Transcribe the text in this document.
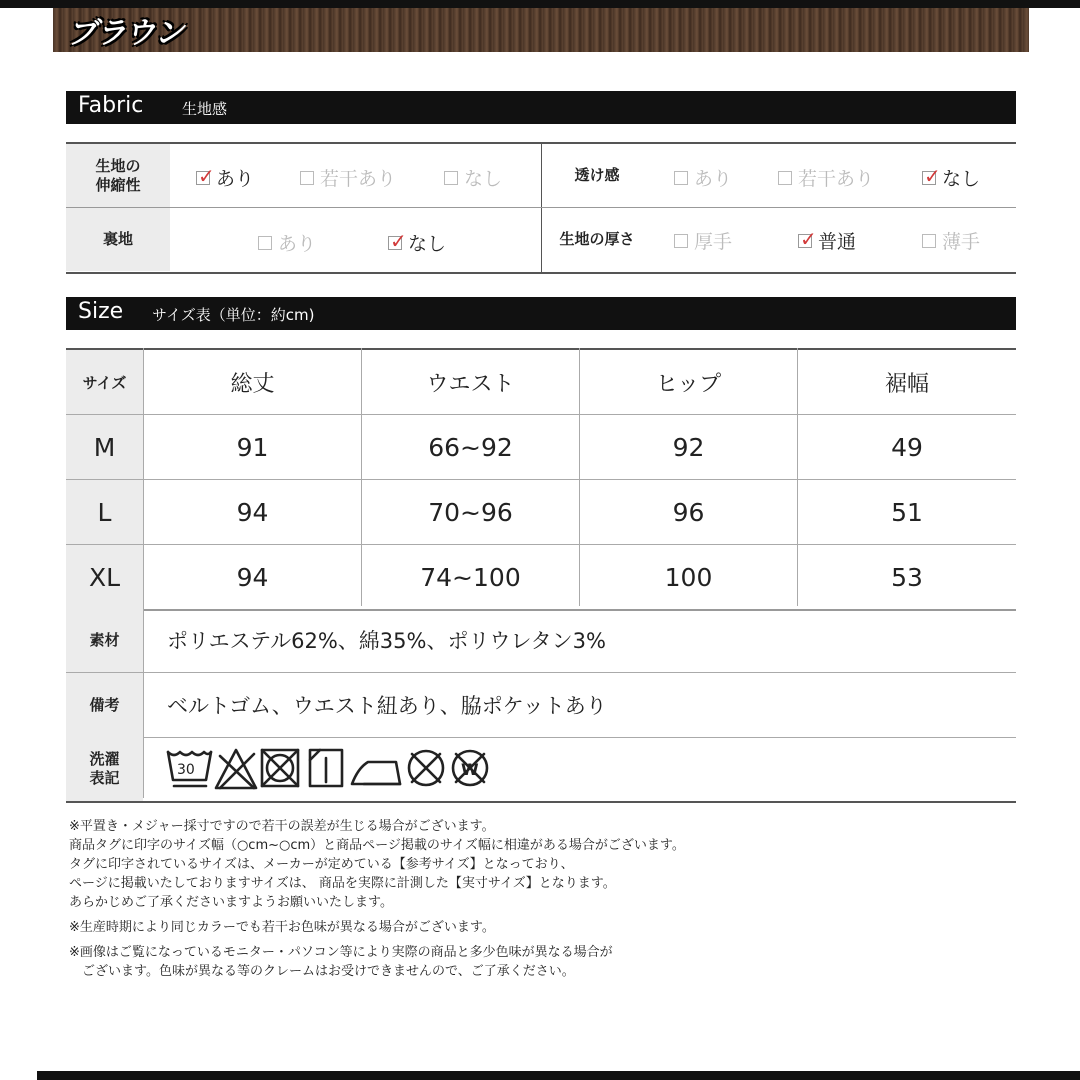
ブラウン
Fabric	生地感
生地の
伸縮性	✓ あり	若干あり	なし	透け感	あり	若干あり ✓ なし
裏地	あり	✓ なし	生地の厚さ	厚手	✓ 普通	薄手
Size サイズ表（単位：約cm)
サイズ	総丈	ウエスト	ヒップ	裾幅
M	91	66~92	92	49
L	94	70~96	96	51
XL	94	74~100	100	53
素材	ポリエステル62%、綿35%、ポリウレタン3%
備考	ベルトゴム、ウエスト紐あり、脇ポケットあり
洗濯
表記	30	W
※平置き・メジャー採寸ですので若干の誤差が生じる場合がございます。
商品タグに印字のサイズ幅（○cm~○cm）と商品ページ掲載のサイズ幅に相違がある場合がございます。
タグに印字されているサイズは、メーカーが定めている【参考サイズ】となっており、
ページに掲載いたしておりますサイズは、 商品を実際に計測した【実寸サイズ】となります。
あらかじめご了承くださいますようお願いいたします。
※生産時期により同じカラーでも若干お色味が異なる場合がございます。
※画像はご覧になっているモニター・パソコン等により実際の商品と多少色味が異なる場合が
　ございます。色味が異なる等のクレームはお受けできませんので、ご了承ください。
